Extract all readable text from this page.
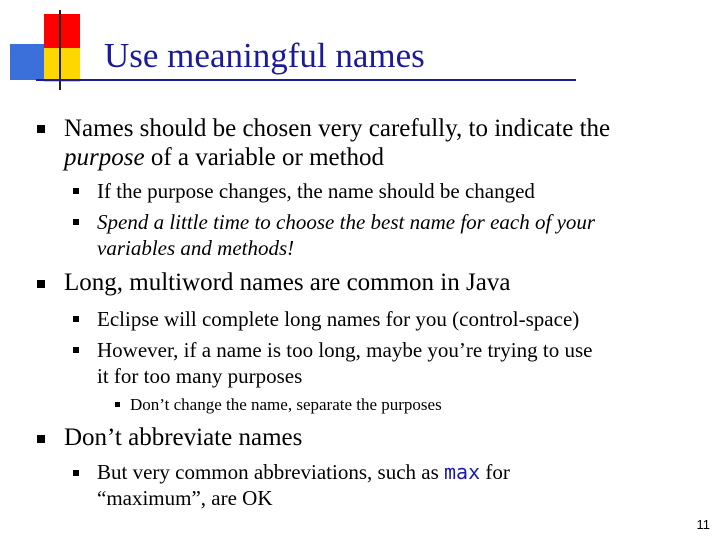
Use meaningful names
Names should be chosen very carefully, to indicate the
purpose of a variable or method
If the purpose changes, the name should be changed
Spend a little time to choose the best name for each of your
variables and methods!
Long, multiword names are common in Java
Eclipse will complete long names for you (control-space)
However, if a name is too long, maybe you’re trying to use
it for too many purposes
Don’t change the name, separate the purposes
Don’t abbreviate names
But very common abbreviations, such as max for
“maximum”, are OK
11
